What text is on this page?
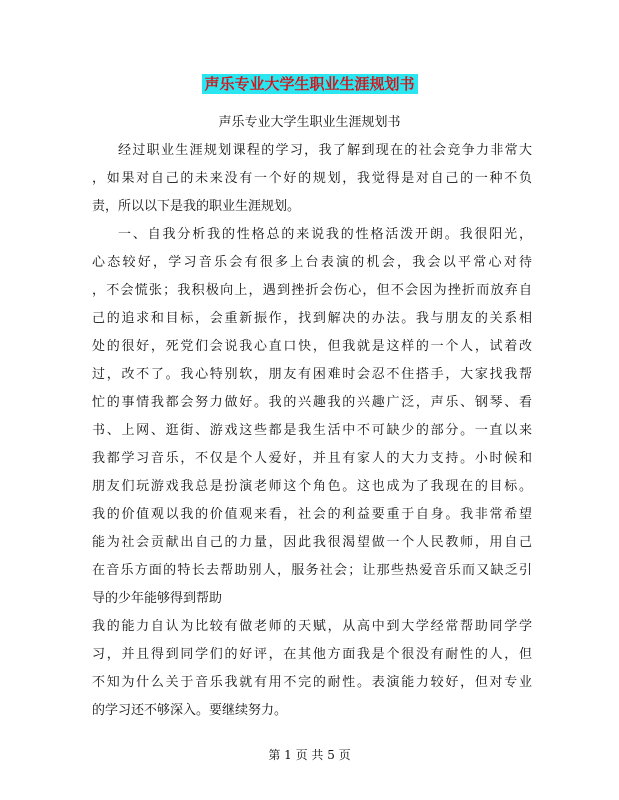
声乐专业大学生职业生涯规划书
声乐专业大学生职业生涯规划书
经过职业生涯规划课程的学习，我了解到现在的社会竞争力非常大
，如果对自己的未来没有一个好的规划，我觉得是对自己的一种不负
责，所以以下是我的职业生涯规划。
一、自我分析我的性格总的来说我的性格活泼开朗。我很阳光，
心态较好，学习音乐会有很多上台表演的机会，我会以平常心对待
，不会慌张；我积极向上，遇到挫折会伤心，但不会因为挫折而放弃自
己的追求和目标，会重新振作，找到解决的办法。我与朋友的关系相
处的很好，死党们会说我心直口快，但我就是这样的一个人，试着改
过，改不了。我心特别软，朋友有困难时会忍不住搭手，大家找我帮
忙的事情我都会努力做好。我的兴趣我的兴趣广泛，声乐、钢琴、看
书、上网、逛街、游戏这些都是我生活中不可缺少的部分。一直以来
我都学习音乐，不仅是个人爱好，并且有家人的大力支持。小时候和
朋友们玩游戏我总是扮演老师这个角色。这也成为了我现在的目标。
我的价值观以我的价值观来看，社会的利益要重于自身。我非常希望
能为社会贡献出自己的力量，因此我很渴望做一个人民教师，用自己
在音乐方面的特长去帮助别人，服务社会；让那些热爱音乐而又缺乏引
导的少年能够得到帮助
我的能力自认为比较有做老师的天赋，从高中到大学经常帮助同学学
习，并且得到同学们的好评，在其他方面我是个很没有耐性的人，但
不知为什么关于音乐我就有用不完的耐性。表演能力较好，但对专业
的学习还不够深入。要继续努力。
第 1 页 共 5 页
